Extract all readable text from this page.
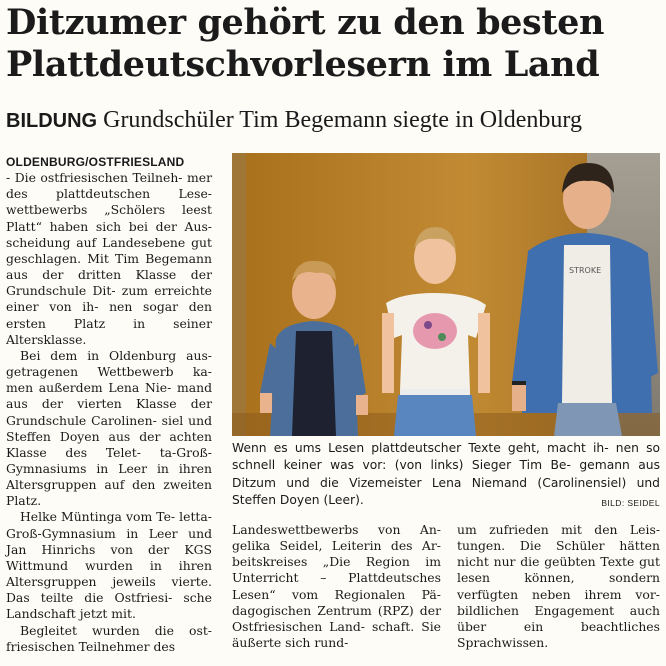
Ditzumer gehört zu den besten
Plattdeutschvorlesern im Land
BILDUNG Grundschüler Tim Begemann siegte in Oldenburg

OLDENBURG/OSTFRIESLAND
- Die ostfriesischen Teilneh- mer des plattdeutschen Lese- wettbewerbs „Schölers leest Platt“ haben sich bei der Aus- scheidung auf Landesebene gut geschlagen. Mit Tim Begemann aus der dritten Klasse der Grundschule Dit- zum erreichte einer von ih- nen sogar den ersten Platz in seiner Altersklasse.

Bei dem in Oldenburg aus- getragenen Wettbewerb ka- men außerdem Lena Nie- mand aus der vierten Klasse der Grundschule Carolinen- siel und Steffen Doyen aus der achten Klasse des Telet- ta-Groß-Gymnasiums in Leer in ihren Altersgruppen auf den zweiten Platz.

Helke Müntinga vom Te- letta-Groß-Gymnasium in Leer und Jan Hinrichs von der KGS Wittmund wurden in ihren Altersgruppen jeweils vierte. Das teilte die Ostfriesi- sche Landschaft jetzt mit.

Begleitet wurden die ost- friesischen Teilnehmer des

STROKE
Wenn es ums Lesen plattdeutscher Texte geht, macht ih- nen so schnell keiner was vor: (von links) Sieger Tim Be- gemann aus Ditzum und die Vizemeister Lena Niemand (Carolinensiel) und Steffen Doyen (Leer).	BILD: SEIDEL

Landeswettbewerbs von An- gelika Seidel, Leiterin des Ar- beitskreises „Die Region im Unterricht – Plattdeutsches Lesen“ vom Regionalen Pä- dagogischen Zentrum (RPZ) der Ostfriesischen Land- schaft. Sie äußerte sich rund-

um zufrieden mit den Leis- tungen. Die Schüler hätten nicht nur die geübten Texte gut lesen können, sondern verfügten neben ihrem vor- bildlichen Engagement auch über ein beachtliches Sprachwissen.
